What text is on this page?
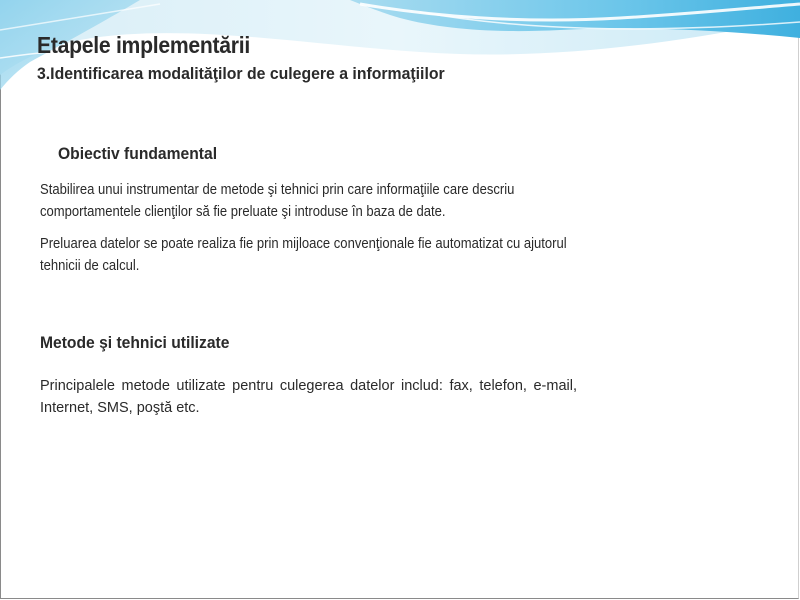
Etapele implementării
3.Identificarea modalităţilor de culegere a informaţiilor
Obiectiv fundamental

Stabilirea unui instrumentar de metode şi tehnici prin care informaţiile care descriu comportamentele clienţilor să fie preluate şi introduse în baza de date.

Preluarea datelor se poate realiza fie prin mijloace convenţionale fie automatizat cu ajutorul tehnicii de calcul.

Metode şi tehnici utilizate

Principalele metode utilizate pentru culegerea datelor includ: fax, telefon, e-mail, Internet, SMS, poştă etc.
